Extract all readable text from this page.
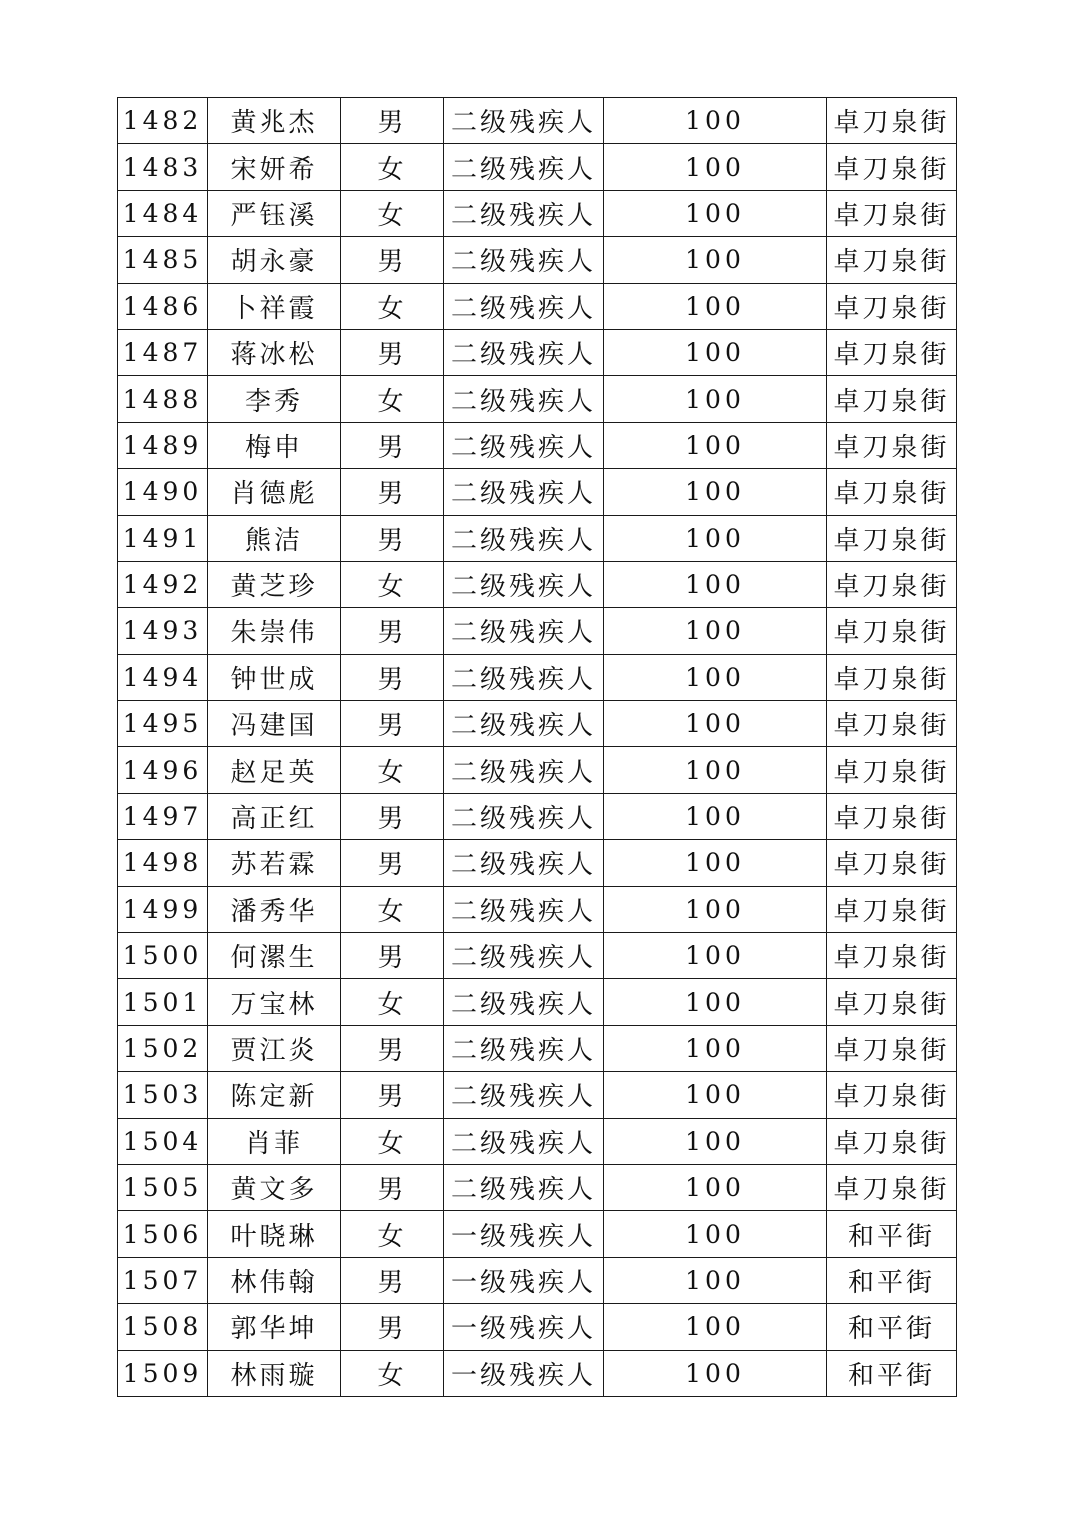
1482	黄兆杰	男	二级残疾人	100	卓刀泉街
1483	宋妍希	女	二级残疾人	100	卓刀泉街
1484	严钰溪	女	二级残疾人	100	卓刀泉街
1485	胡永豪	男	二级残疾人	100	卓刀泉街
1486	卜祥霞	女	二级残疾人	100	卓刀泉街
1487	蒋冰松	男	二级残疾人	100	卓刀泉街
1488	李秀	女	二级残疾人	100	卓刀泉街
1489	梅申	男	二级残疾人	100	卓刀泉街
1490	肖德彪	男	二级残疾人	100	卓刀泉街
1491	熊洁	男	二级残疾人	100	卓刀泉街
1492	黄芝珍	女	二级残疾人	100	卓刀泉街
1493	朱崇伟	男	二级残疾人	100	卓刀泉街
1494	钟世成	男	二级残疾人	100	卓刀泉街
1495	冯建国	男	二级残疾人	100	卓刀泉街
1496	赵足英	女	二级残疾人	100	卓刀泉街
1497	高正红	男	二级残疾人	100	卓刀泉街
1498	苏若霖	男	二级残疾人	100	卓刀泉街
1499	潘秀华	女	二级残疾人	100	卓刀泉街
1500	何漯生	男	二级残疾人	100	卓刀泉街
1501	万宝林	女	二级残疾人	100	卓刀泉街
1502	贾江炎	男	二级残疾人	100	卓刀泉街
1503	陈定新	男	二级残疾人	100	卓刀泉街
1504	肖菲	女	二级残疾人	100	卓刀泉街
1505	黄文多	男	二级残疾人	100	卓刀泉街
1506	叶晓琳	女	一级残疾人	100	和平街
1507	林伟翰	男	一级残疾人	100	和平街
1508	郭华坤	男	一级残疾人	100	和平街
1509	林雨璇	女	一级残疾人	100	和平街
